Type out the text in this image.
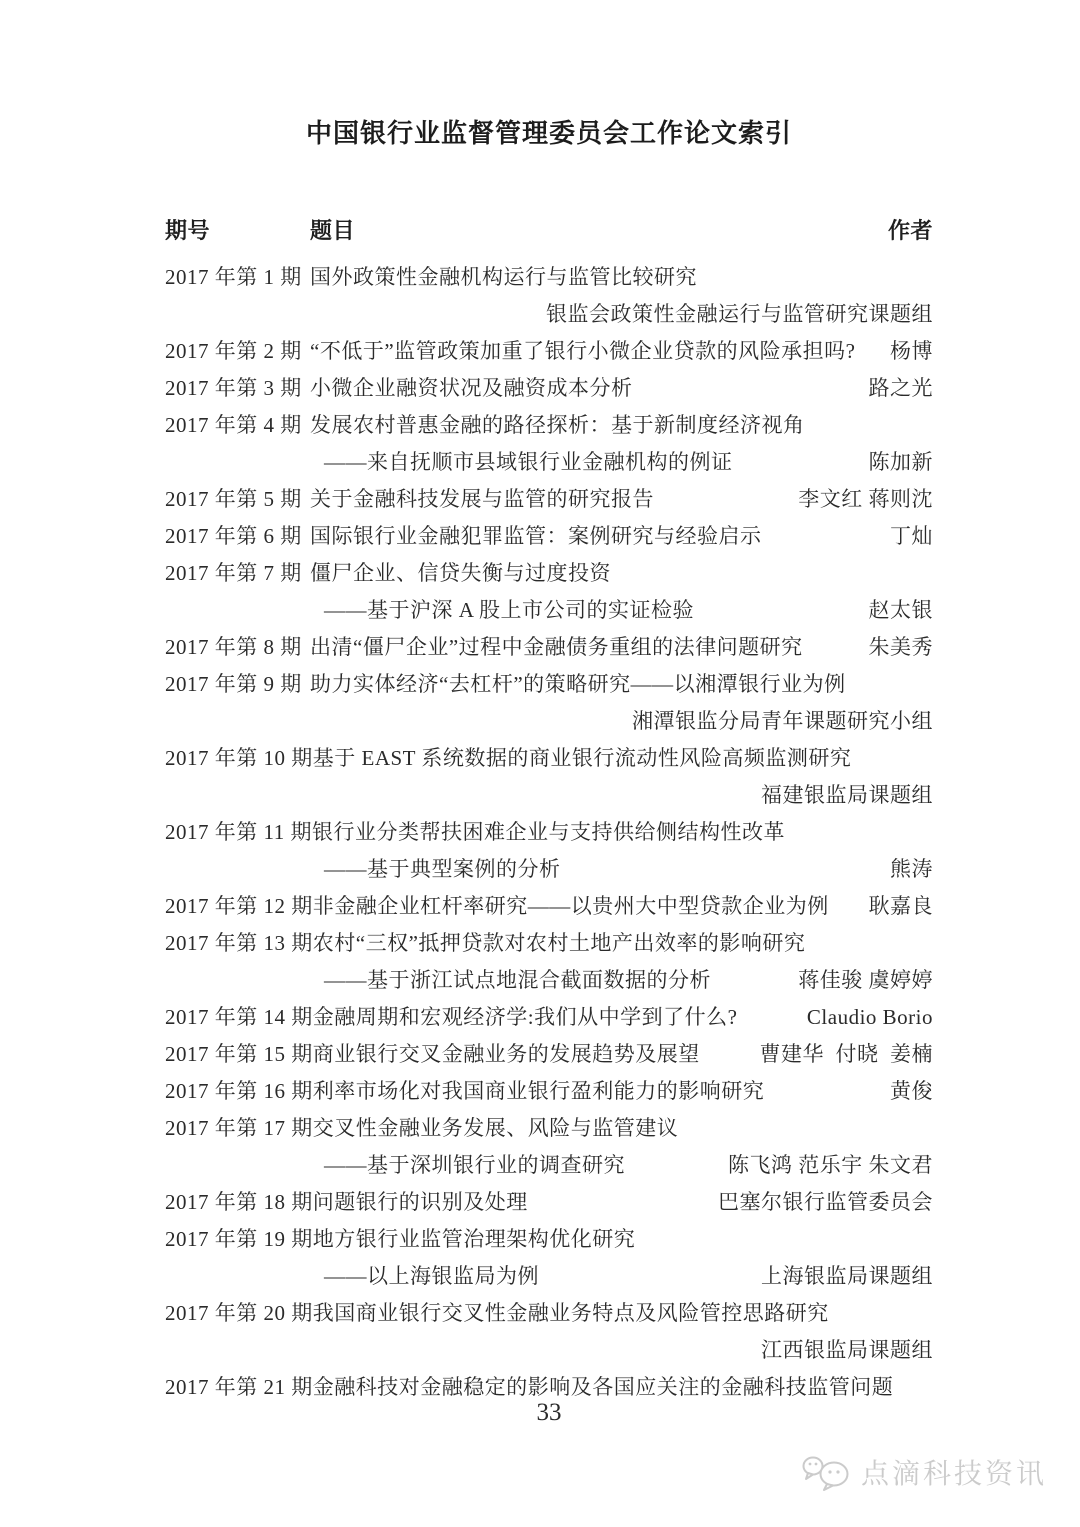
中国银行业监督管理委员会工作论文索引
期号	题目	作者
2017 年第 1 期 国外政策性金融机构运行与监管比较研究
银监会政策性金融运行与监管研究课题组
2017 年第 2 期 “不低于”监管政策加重了银行小微企业贷款的风险承担吗?	杨博
2017 年第 3 期 小微企业融资状况及融资成本分析	路之光
2017 年第 4 期 发展农村普惠金融的路径探析：基于新制度经济视角
——来自抚顺市县域银行业金融机构的例证	陈加新
2017 年第 5 期 关于金融科技发展与监管的研究报告	李文红 蒋则沈
2017 年第 6 期 国际银行业金融犯罪监管：案例研究与经验启示	丁灿
2017 年第 7 期 僵尸企业、信贷失衡与过度投资
——基于沪深 A 股上市公司的实证检验	赵太银
2017 年第 8 期 出清“僵尸企业”过程中金融债务重组的法律问题研究	朱美秀
2017 年第 9 期 助力实体经济“去杠杆”的策略研究——以湘潭银行业为例
湘潭银监分局青年课题研究小组
2017 年第 10 期 基于 EAST 系统数据的商业银行流动性风险高频监测研究
福建银监局课题组
2017 年第 11 期 银行业分类帮扶困难企业与支持供给侧结构性改革
——基于典型案例的分析	熊涛
2017 年第 12 期 非金融企业杠杆率研究——以贵州大中型贷款企业为例	耿嘉良
2017 年第 13 期 农村“三权”抵押贷款对农村土地产出效率的影响研究
——基于浙江试点地混合截面数据的分析	蒋佳骏 虞婷婷
2017 年第 14 期 金融周期和宏观经济学:我们从中学到了什么?	Claudio Borio
2017 年第 15 期 商业银行交叉金融业务的发展趋势及展望	曹建华  付晓  姜楠
2017 年第 16 期 利率市场化对我国商业银行盈利能力的影响研究	黄俊
2017 年第 17 期 交叉性金融业务发展、风险与监管建议
——基于深圳银行业的调查研究	陈飞鸿 范乐宇 朱文君
2017 年第 18 期 问题银行的识别及处理	巴塞尔银行监管委员会
2017 年第 19 期 地方银行业监管治理架构优化研究
——以上海银监局为例	上海银监局课题组
2017 年第 20 期 我国商业银行交叉性金融业务特点及风险管控思路研究
江西银监局课题组
2017 年第 21 期 金融科技对金融稳定的影响及各国应关注的金融科技监管问题
33
点滴科技资讯
